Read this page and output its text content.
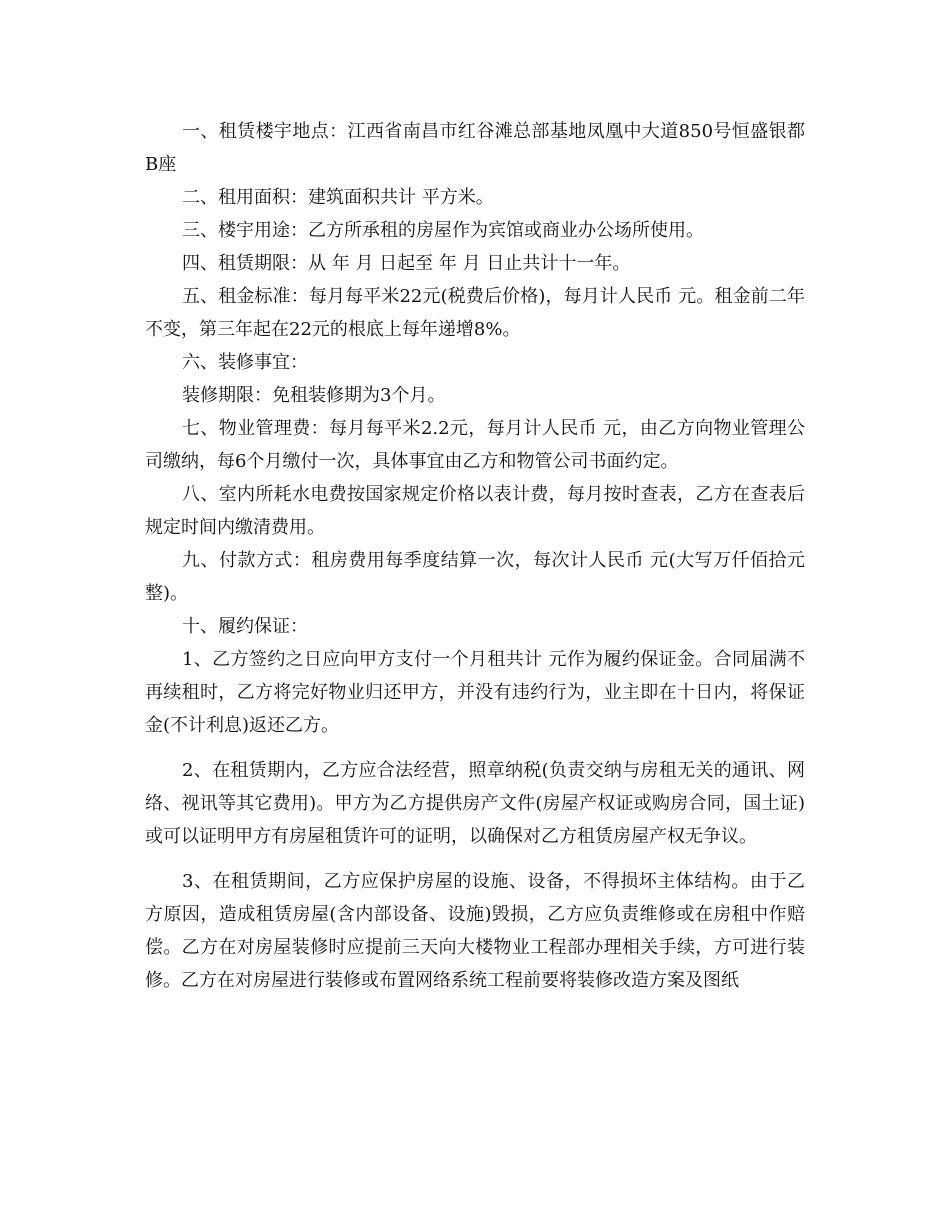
一、租赁楼宇地点：江西省南昌市红谷滩总部基地凤凰中大道850号恒盛银都B座

二、租用面积：建筑面积共计 平方米。

三、楼宇用途：乙方所承租的房屋作为宾馆或商业办公场所使用。

四、租赁期限：从 年 月 日起至 年 月 日止共计十一年。

五、租金标准：每月每平米22元(税费后价格)，每月计人民币 元。租金前二年不变，第三年起在22元的根底上每年递增8%。

六、装修事宜：

装修期限：免租装修期为3个月。

七、物业管理费：每月每平米2.2元，每月计人民币 元，由乙方向物业管理公司缴纳，每6个月缴付一次，具体事宜由乙方和物管公司书面约定。

八、室内所耗水电费按国家规定价格以表计费，每月按时查表，乙方在查表后规定时间内缴清费用。

九、付款方式：租房费用每季度结算一次，每次计人民币 元(大写万仟佰拾元整)。

十、履约保证：

1、乙方签约之日应向甲方支付一个月租共计 元作为履约保证金。合同届满不再续租时，乙方将完好物业归还甲方，并没有违约行为，业主即在十日内，将保证金(不计利息)返还乙方。

2、在租赁期内，乙方应合法经营，照章纳税(负责交纳与房租无关的通讯、网络、视讯等其它费用)。甲方为乙方提供房产文件(房屋产权证或购房合同，国土证)或可以证明甲方有房屋租赁许可的证明，以确保对乙方租赁房屋产权无争议。

3、在租赁期间，乙方应保护房屋的设施、设备，不得损坏主体结构。由于乙方原因，造成租赁房屋(含内部设备、设施)毁损，乙方应负责维修或在房租中作赔偿。乙方在对房屋装修时应提前三天向大楼物业工程部办理相关手续，方可进行装修。乙方在对房屋进行装修或布置网络系统工程前要将装修改造方案及图纸
